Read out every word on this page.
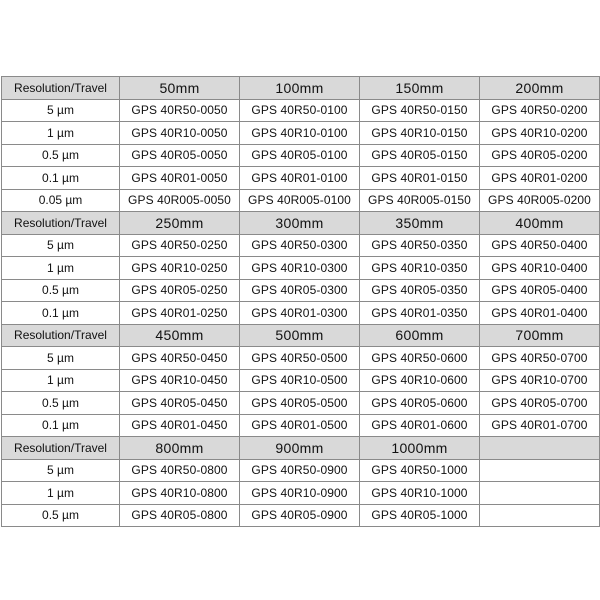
Resolution/Travel	50mm	100mm	150mm	200mm
5 µm	GPS 40R50-0050	GPS 40R50-0100	GPS 40R50-0150	GPS 40R50-0200
1 µm	GPS 40R10-0050	GPS 40R10-0100	GPS 40R10-0150	GPS 40R10-0200
0.5 µm	GPS 40R05-0050	GPS 40R05-0100	GPS 40R05-0150	GPS 40R05-0200
0.1 µm	GPS 40R01-0050	GPS 40R01-0100	GPS 40R01-0150	GPS 40R01-0200
0.05 µm	GPS 40R005-0050	GPS 40R005-0100	GPS 40R005-0150	GPS 40R005-0200
Resolution/Travel	250mm	300mm	350mm	400mm
5 µm	GPS 40R50-0250	GPS 40R50-0300	GPS 40R50-0350	GPS 40R50-0400
1 µm	GPS 40R10-0250	GPS 40R10-0300	GPS 40R10-0350	GPS 40R10-0400
0.5 µm	GPS 40R05-0250	GPS 40R05-0300	GPS 40R05-0350	GPS 40R05-0400
0.1 µm	GPS 40R01-0250	GPS 40R01-0300	GPS 40R01-0350	GPS 40R01-0400
Resolution/Travel	450mm	500mm	600mm	700mm
5 µm	GPS 40R50-0450	GPS 40R50-0500	GPS 40R50-0600	GPS 40R50-0700
1 µm	GPS 40R10-0450	GPS 40R10-0500	GPS 40R10-0600	GPS 40R10-0700
0.5 µm	GPS 40R05-0450	GPS 40R05-0500	GPS 40R05-0600	GPS 40R05-0700
0.1 µm	GPS 40R01-0450	GPS 40R01-0500	GPS 40R01-0600	GPS 40R01-0700
Resolution/Travel	800mm	900mm	1000mm	
5 µm	GPS 40R50-0800	GPS 40R50-0900	GPS 40R50-1000	
1 µm	GPS 40R10-0800	GPS 40R10-0900	GPS 40R10-1000	
0.5 µm	GPS 40R05-0800	GPS 40R05-0900	GPS 40R05-1000	
